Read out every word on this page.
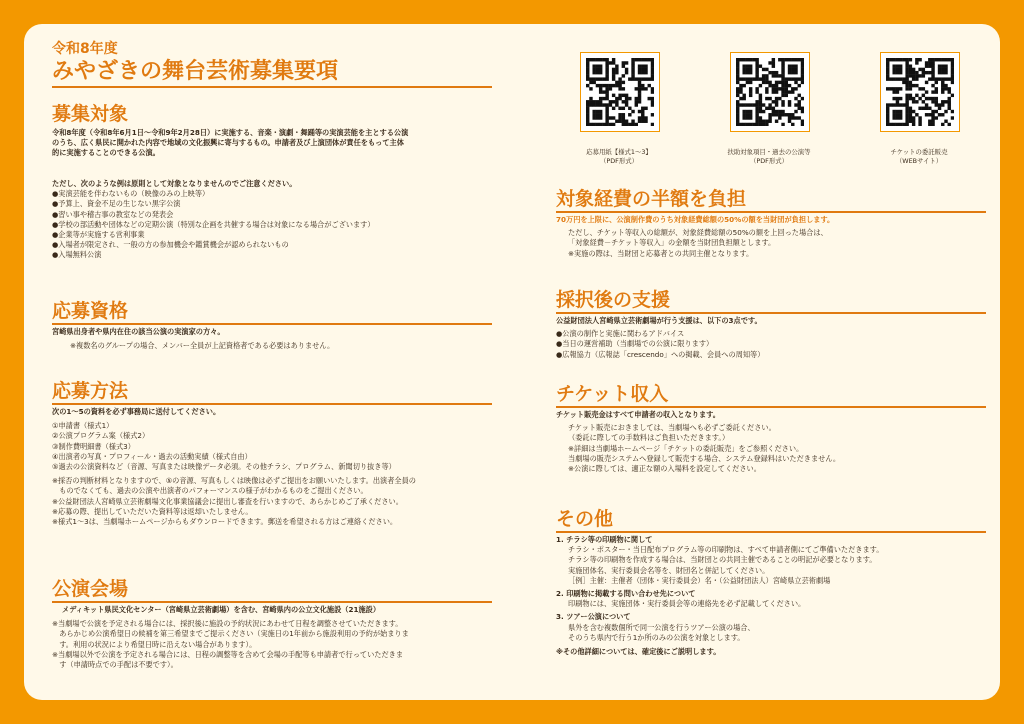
令和8年度
みやざきの舞台芸術募集要項
募集対象
令和8年度（令和8年6月1日〜令和9年2月28日）に実施する、音楽・演劇・舞踊等の実演芸能を主とする公演
のうち、広く県民に開かれた内容で地域の文化振興に寄与するもの。申請者及び上演団体が責任をもって主体
的に実施することのできる公演。
ただし、次のような例は原則として対象となりませんのでご注意ください。
●実演芸能を伴わないもの（映像のみの上映等）
●予算上、資金不足の生じない黒字公演
●習い事や稽古事の教室などの発表会
●学校の部活動や団体などの定期公演（特別な企画を共催する場合は対象になる場合がございます）
●企業等が実施する営利事業
●入場者が限定され、一般の方の参加機会や鑑賞機会が認められないもの
●入場無料公演
応募資格
宮崎県出身者や県内在住の該当公演の実演家の方々。
※複数名のグループの場合、メンバー全員が上記資格者である必要はありません。
応募方法
次の1〜5の資料を必ず事務局に送付してください。
①申請書（様式1）
②公演プログラム案（様式2）
③制作費明細書（様式3）
④出演者の写真・プロフィール・過去の活動実績（様式自由）
⑤過去の公演資料など（音源、写真または映像データ必須。その他チラシ、プログラム、新聞切り抜き等）
※採否の判断材料となりますので、⑤の音源、写真もしくは映像は必ずご提出をお願いいたします。出演者全員の
　ものでなくても、過去の公演や出演者のパフォーマンスの様子がわかるものをご提出ください。
※公益財団法人宮崎県立芸術劇場文化事業協議会に提出し審査を行いますので、あらかじめご了承ください。
※応募の際、提出していただいた資料等は返却いたしません。
※様式1〜3は、当劇場ホームページからもダウンロードできます。郵送を希望される方はご連絡ください。
公演会場
メディキット県民文化センター（宮崎県立芸術劇場）を含む、宮崎県内の公立文化施設（21施設）
※当劇場で公演を予定される場合には、採択後に施設の予約状況にあわせて日程を調整させていただきます。
　あらかじめ公演希望日の候補を第三希望までご提示ください（実施日の1年前から施設利用の予約が始まりま
　す。利用の状況により希望日時に沿えない場合があります）。
※当劇場以外で公演を予定される場合には、日程の調整等を含めて会場の手配等も申請者で行っていただきま
　す（申請時点での手配は不要です）。
応募用紙【様式1〜3】
（PDF形式）
扶助対象項目・過去の公演等
（PDF形式）
チケットの委託販売
（WEBサイト）
対象経費の半額を負担
70万円を上限に、公演制作費のうち対象経費総額の50%の額を当財団が負担します。
ただし、チケット等収入の総額が、対象経費総額の50%の額を上回った場合は、
「対象経費－チケット等収入」の金額を当財団負担額とします。
※実施の際は、当財団と応募者との共同主催となります。
採択後の支援
公益財団法人宮崎県立芸術劇場が行う支援は、以下の3点です。
●公演の制作と実施に関わるアドバイス
●当日の運営補助（当劇場での公演に限ります）
●広報協力（広報誌「crescendo」への掲載、会員への周知等）
チケット収入
チケット販売金はすべて申請者の収入となります。
チケット販売におきましては、当劇場へも必ずご委託ください。
（委託に際しての手数料はご負担いただきます。）
※詳細は当劇場ホームページ「チケットの委託販売」をご参照ください。
当劇場の販売システムへ登録して販売する場合、システム登録料はいただきません。
※公演に際しては、適正な額の入場料を設定してください。
その他
1. チラシ等の印刷物に関して
チラシ・ポスター・当日配布プログラム等の印刷物は、すべて申請者側にてご準備いただきます。
チラシ等の印刷物を作成する場合は、当財団との共同主催であることの明記が必要となります。
実施団体名、実行委員会名等を、財団名と併記してください。
［例］主催：主催者（団体・実行委員会）名・（公益財団法人）宮崎県立芸術劇場
2. 印刷物に掲載する問い合わせ先について
印刷物には、実施団体・実行委員会等の連絡先を必ず記載してください。
3. ツアー公演について
県外を含む複数個所で同一公演を行うツアー公演の場合、
そのうち県内で行う1か所のみの公演を対象とします。
※その他詳細については、確定後にご説明します。
